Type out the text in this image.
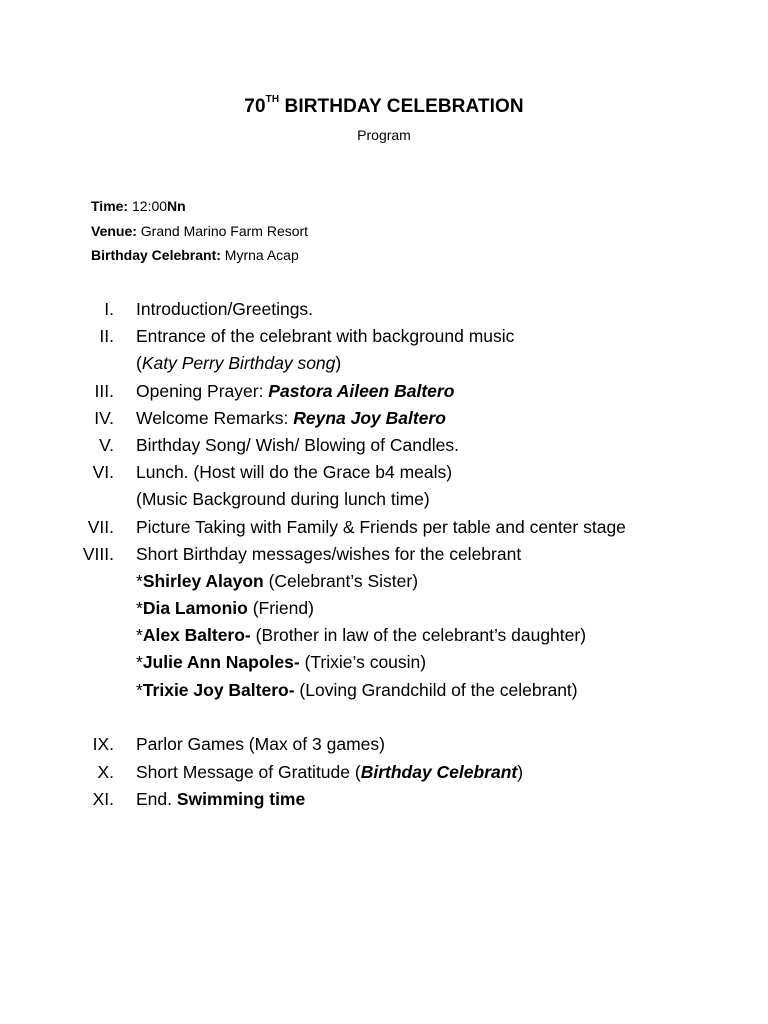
70TH BIRTHDAY CELEBRATION
Program
Time: 12:00Nn
Venue: Grand Marino Farm Resort
Birthday Celebrant: Myrna Acap
I. Introduction/Greetings.
II. Entrance of the celebrant with background music
(Katy Perry Birthday song)
III. Opening Prayer: Pastora Aileen Baltero
IV. Welcome Remarks: Reyna Joy Baltero
V. Birthday Song/ Wish/ Blowing of Candles.
VI. Lunch. (Host will do the Grace b4 meals)
(Music Background during lunch time)
VII. Picture Taking with Family & Friends per table and center stage
VIII. Short Birthday messages/wishes for the celebrant
*Shirley Alayon (Celebrant’s Sister)
*Dia Lamonio (Friend)
*Alex Baltero- (Brother in law of the celebrant’s daughter)
*Julie Ann Napoles- (Trixie’s cousin)
*Trixie Joy Baltero- (Loving Grandchild of the celebrant)
IX. Parlor Games (Max of 3 games)
X. Short Message of Gratitude (Birthday Celebrant)
XI. End. Swimming time
